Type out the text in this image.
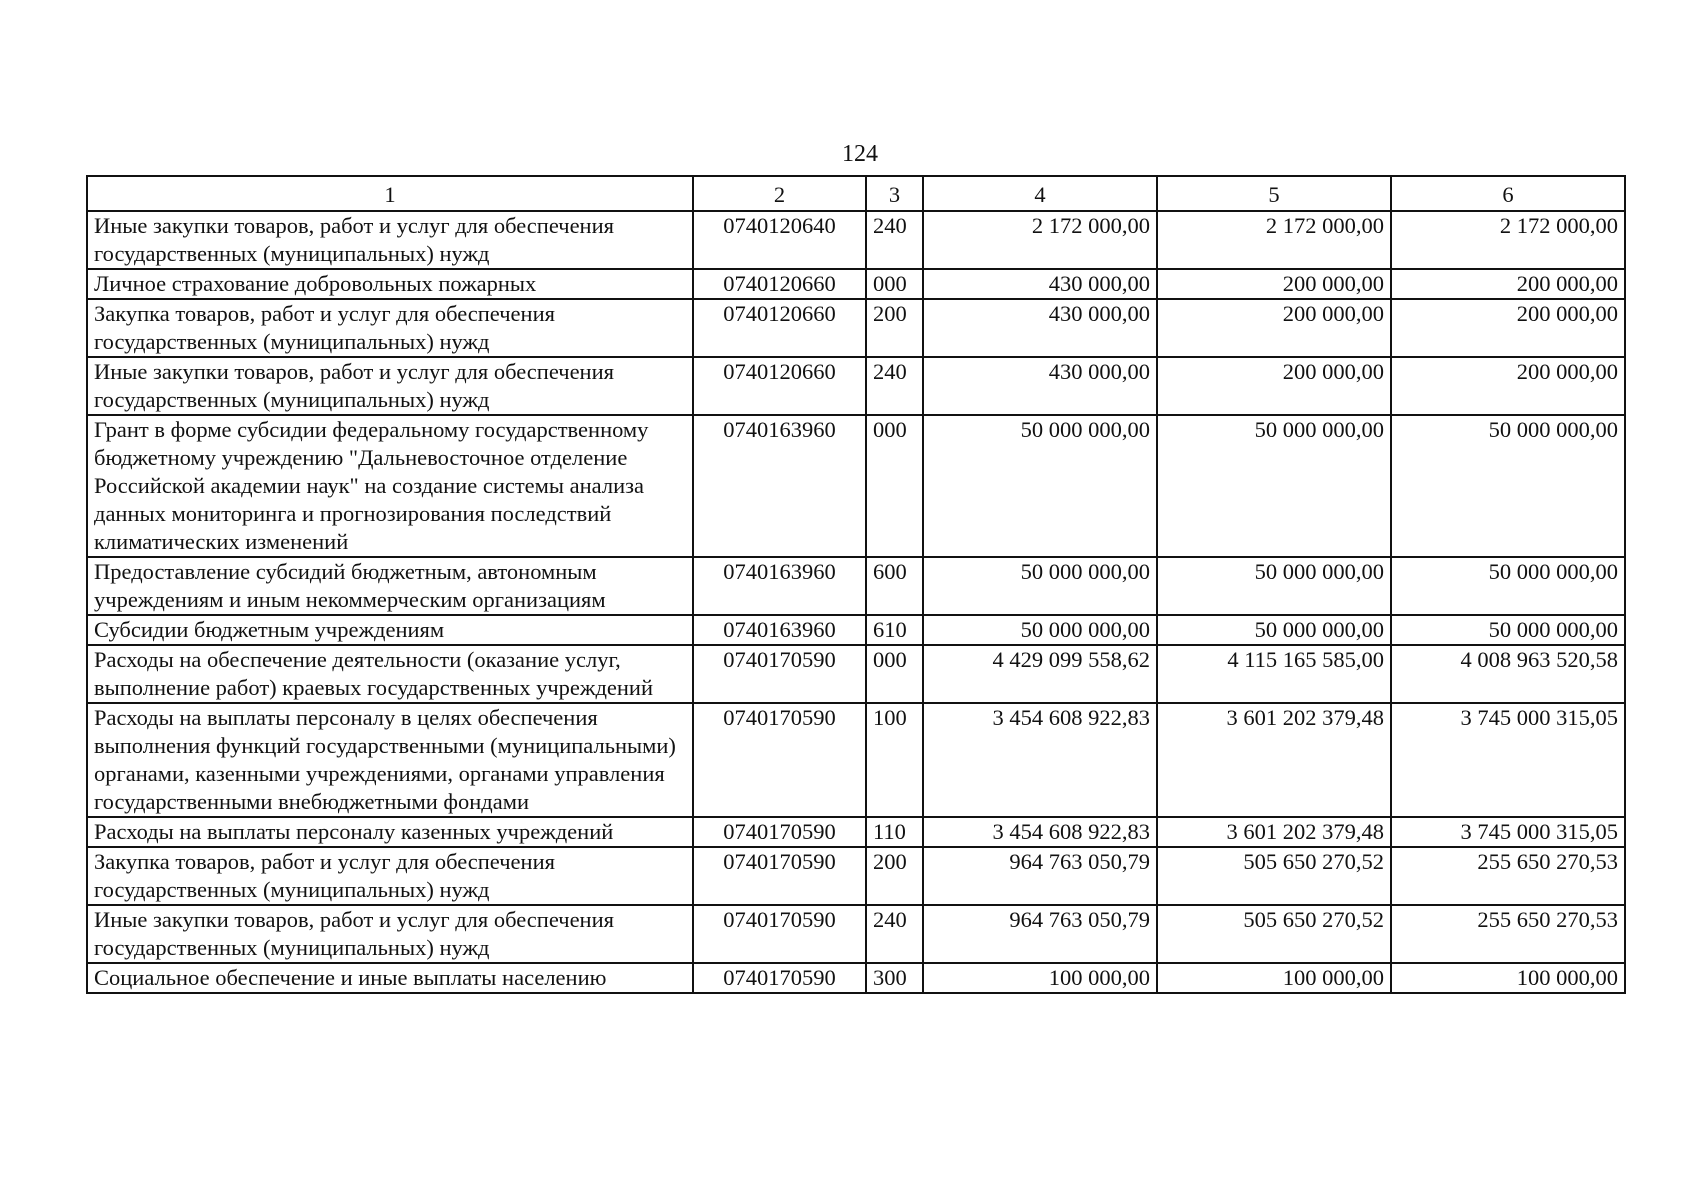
124
1	2	3	4	5	6
Иные закупки товаров, работ и услуг для обеспечения государственных (муниципальных) нужд	0740120640	240	2 172 000,00	2 172 000,00	2 172 000,00
Личное страхование добровольных пожарных	0740120660	000	430 000,00	200 000,00	200 000,00
Закупка товаров, работ и услуг для обеспечения государственных (муниципальных) нужд	0740120660	200	430 000,00	200 000,00	200 000,00
Иные закупки товаров, работ и услуг для обеспечения государственных (муниципальных) нужд	0740120660	240	430 000,00	200 000,00	200 000,00
Грант в форме субсидии федеральному государственному бюджетному учреждению "Дальневосточное отделение Российской академии наук" на создание системы анализа данных мониторинга и прогнозирования последствий климатических изменений	0740163960	000	50 000 000,00	50 000 000,00	50 000 000,00
Предоставление субсидий бюджетным, автономным учреждениям и иным некоммерческим организациям	0740163960	600	50 000 000,00	50 000 000,00	50 000 000,00
Субсидии бюджетным учреждениям	0740163960	610	50 000 000,00	50 000 000,00	50 000 000,00
Расходы на обеспечение деятельности (оказание услуг, выполнение работ) краевых государственных учреждений	0740170590	000	4 429 099 558,62	4 115 165 585,00	4 008 963 520,58
Расходы на выплаты персоналу в целях обеспечения выполнения функций государственными (муниципальными) органами, казенными учреждениями, органами управления государственными внебюджетными фондами	0740170590	100	3 454 608 922,83	3 601 202 379,48	3 745 000 315,05
Расходы на выплаты персоналу казенных учреждений	0740170590	110	3 454 608 922,83	3 601 202 379,48	3 745 000 315,05
Закупка товаров, работ и услуг для обеспечения государственных (муниципальных) нужд	0740170590	200	964 763 050,79	505 650 270,52	255 650 270,53
Иные закупки товаров, работ и услуг для обеспечения государственных (муниципальных) нужд	0740170590	240	964 763 050,79	505 650 270,52	255 650 270,53
Социальное обеспечение и иные выплаты населению	0740170590	300	100 000,00	100 000,00	100 000,00
